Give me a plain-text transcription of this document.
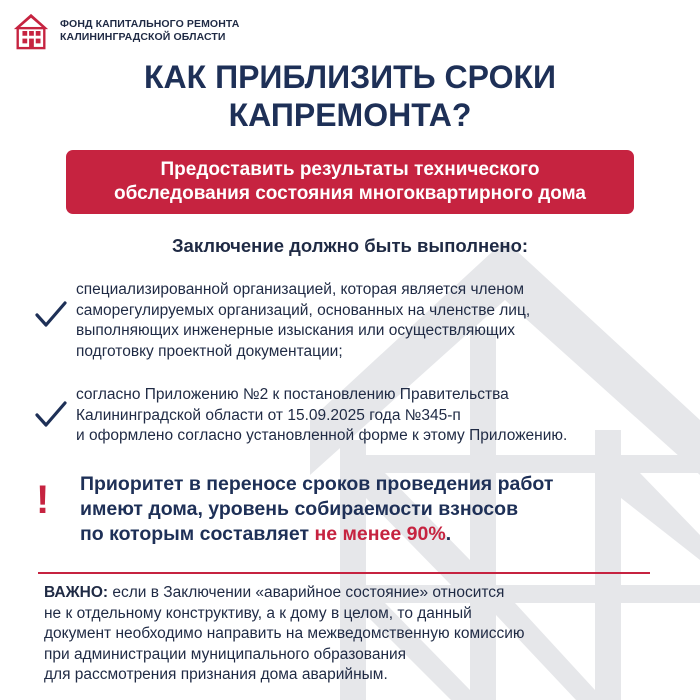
ФОНД КАПИТАЛЬНОГО РЕМОНТА
КАЛИНИНГРАДСКОЙ ОБЛАСТИ
КАК ПРИБЛИЗИТЬ СРОКИ
КАПРЕМОНТА?
Предоставить результаты технического
обследования состояния многоквартирного дома
Заключение должно быть выполнено:
специализированной организацией, которая является членом
саморегулируемых организаций, основанных на членстве лиц,
выполняющих инженерные изыскания или осуществляющих
подготовку проектной документации;
согласно Приложению №2 к постановлению Правительства
Калининградской области от 15.09.2025 года №345-п
и оформлено согласно установленной форме к этому Приложению.
! Приоритет в переносе сроков проведения работ
имеют дома, уровень собираемости взносов
по которым составляет не менее 90%.
ВАЖНО: если в Заключении «аварийное состояние» относится
не к отдельному конструктиву, а к дому в целом, то данный
документ необходимо направить на межведомственную комиссию
при администрации муниципального образования
для рассмотрения признания дома аварийным.
